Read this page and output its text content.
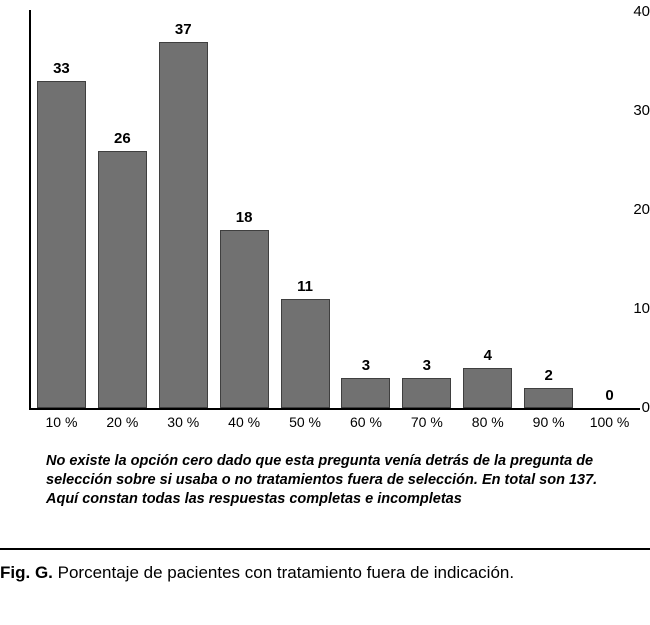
0
10
20
30
40
33
26
37
18
11
3	3
4
2
0
10 %	20 %	30 %	40 %	50 %	60 %	70 %	80 %	90 %	100 %
No existe la opción cero dado que esta pregunta venía detrás de la pregunta de selección sobre si usaba o no tratamientos fuera de selección. En total son 137. Aquí constan todas las respuestas completas e incompletas
Fig. G. Porcentaje de pacientes con tratamiento fuera de indicación.
